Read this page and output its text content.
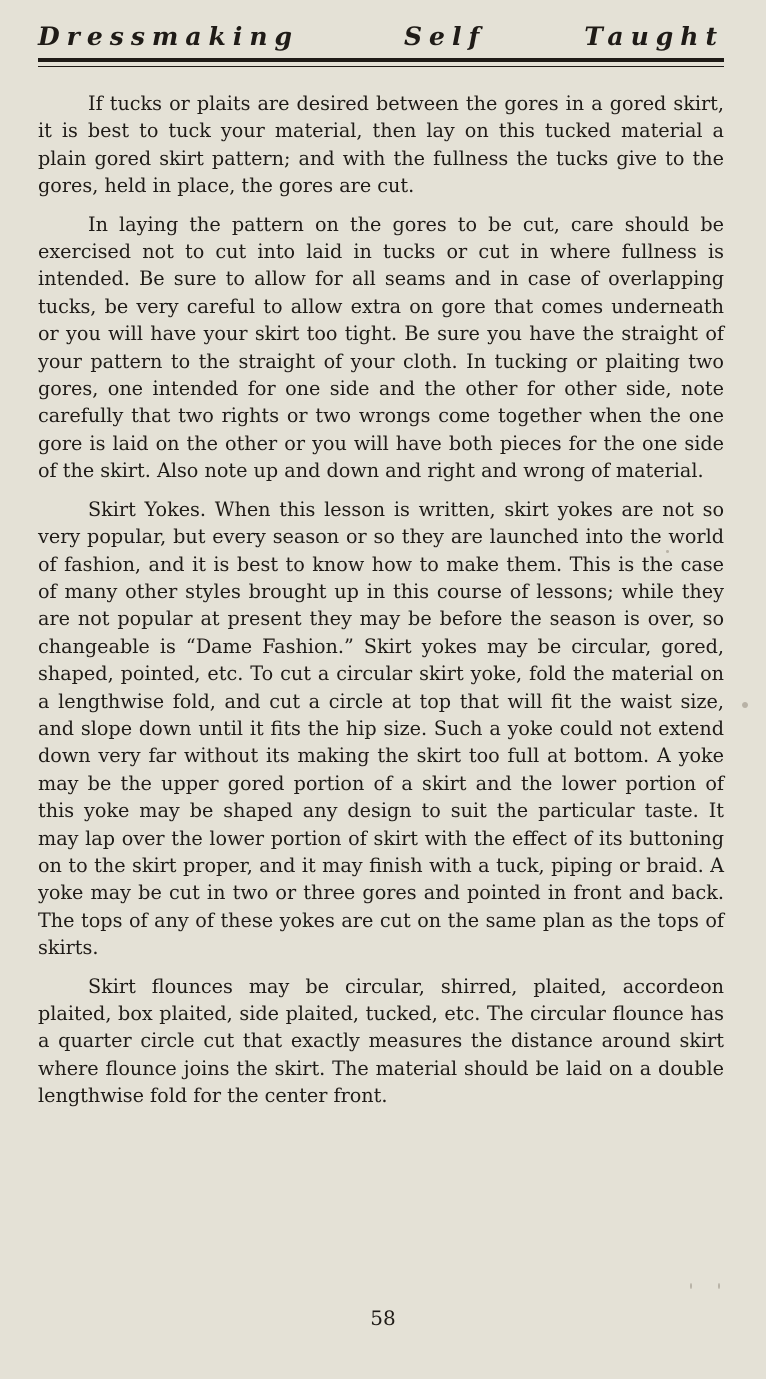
Dressmaking	Self	Taught

If tucks or plaits are desired between the gores in a gored skirt, it is best to tuck your material, then lay on this tucked material a plain gored skirt pattern; and with the fullness the tucks give to the gores, held in place, the gores are cut.

In laying the pattern on the gores to be cut, care should be exercised not to cut into laid in tucks or cut in where fullness is intended. Be sure to allow for all seams and in case of overlapping tucks, be very careful to allow extra on gore that comes underneath or you will have your skirt too tight. Be sure you have the straight of your pattern to the straight of your cloth. In tucking or plaiting two gores, one intended for one side and the other for other side, note carefully that two rights or two wrongs come together when the one gore is laid on the other or you will have both pieces for the one side of the skirt. Also note up and down and right and wrong of material.

Skirt Yokes. When this lesson is written, skirt yokes are not so very popular, but every season or so they are launched into the world of fashion, and it is best to know how to make them. This is the case of many other styles brought up in this course of lessons; while they are not popular at present they may be before the season is over, so changeable is “Dame Fashion.” Skirt yokes may be circular, gored, shaped, pointed, etc. To cut a circular skirt yoke, fold the material on a lengthwise fold, and cut a circle at top that will fit the waist size, and slope down until it fits the hip size. Such a yoke could not extend down very far without its making the skirt too full at bottom. A yoke may be the upper gored portion of a skirt and the lower portion of this yoke may be shaped any design to suit the particular taste. It may lap over the lower portion of skirt with the effect of its buttoning on to the skirt proper, and it may finish with a tuck, piping or braid. A yoke may be cut in two or three gores and pointed in front and back. The tops of any of these yokes are cut on the same plan as the tops of skirts.

Skirt flounces may be circular, shirred, plaited, accordeon plaited, box plaited, side plaited, tucked, etc. The circular flounce has a quarter circle cut that exactly measures the distance around skirt where flounce joins the skirt. The material should be laid on a double lengthwise fold for the center front.

58
